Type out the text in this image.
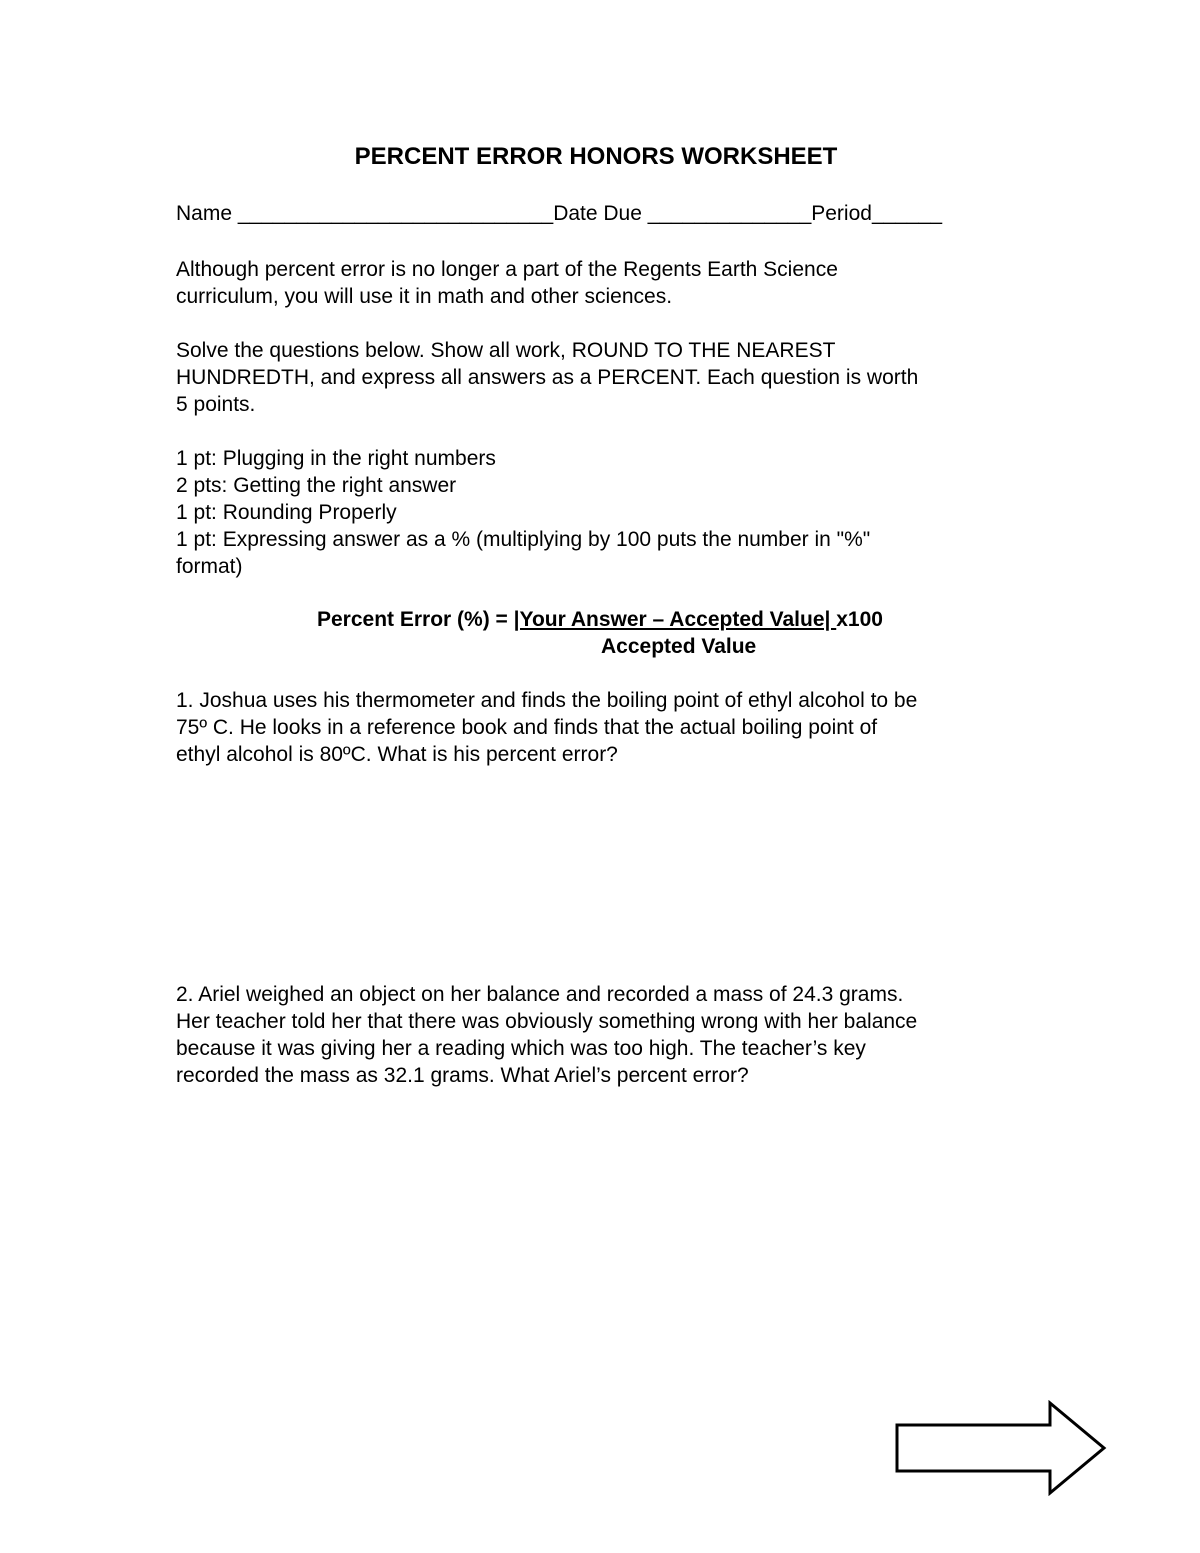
PERCENT ERROR HONORS WORKSHEET
Name ___________________________Date Due ______________Period______
Although percent error is no longer a part of the Regents Earth Science
curriculum, you will use it in math and other sciences.
Solve the questions below. Show all work, ROUND TO THE NEAREST
HUNDREDTH, and express all answers as a PERCENT. Each question is worth
5 points.
1 pt: Plugging in the right numbers
2 pts: Getting the right answer
1 pt: Rounding Properly
1 pt: Expressing answer as a % (multiplying by 100 puts the number in "%"
format)
Percent Error (%) = |Your Answer – Accepted Value| x100
Accepted Value
1. Joshua uses his thermometer and finds the boiling point of ethyl alcohol to be
75º C. He looks in a reference book and finds that the actual boiling point of
ethyl alcohol is 80ºC. What is his percent error?
2. Ariel weighed an object on her balance and recorded a mass of 24.3 grams.
Her teacher told her that there was obviously something wrong with her balance
because it was giving her a reading which was too high. The teacher’s key
recorded the mass as 32.1 grams. What Ariel’s percent error?
